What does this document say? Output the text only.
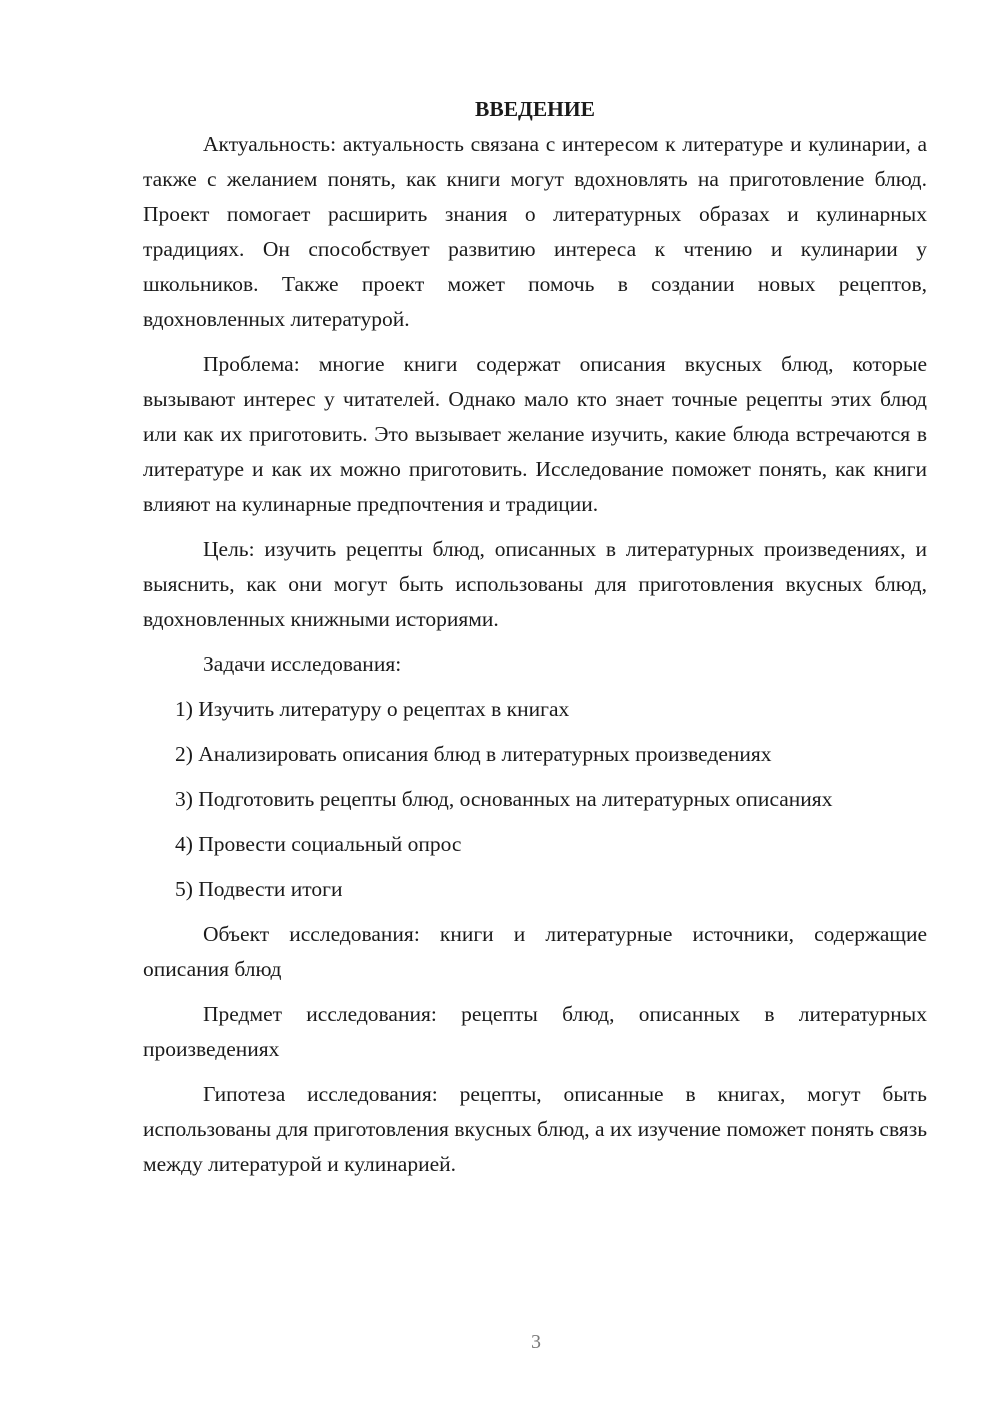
ВВЕДЕНИЕ

Актуальность: актуальность связана с интересом к литературе и кулинарии, а также с желанием понять, как книги могут вдохновлять на приготовление блюд. Проект помогает расширить знания о литературных образах и кулинарных традициях. Он способствует развитию интереса к чтению и кулинарии у школьников. Также проект может помочь в создании новых рецептов, вдохновленных литературой.

Проблема: многие книги содержат описания вкусных блюд, которые вызывают интерес у читателей. Однако мало кто знает точные рецепты этих блюд или как их приготовить. Это вызывает желание изучить, какие блюда встречаются в литературе и как их можно приготовить. Исследование поможет понять, как книги влияют на кулинарные предпочтения и традиции.

Цель: изучить рецепты блюд, описанных в литературных произведениях, и выяснить, как они могут быть использованы для приготовления вкусных блюд, вдохновленных книжными историями.

Задачи исследования:

1) Изучить литературу о рецептах в книгах

2) Анализировать описания блюд в литературных произведениях

3) Подготовить рецепты блюд, основанных на литературных описаниях

4) Провести социальный опрос

5) Подвести итоги

Объект исследования: книги и литературные источники, содержащие описания блюд

Предмет исследования: рецепты блюд, описанных в литературных произведениях

Гипотеза исследования: рецепты, описанные в книгах, могут быть использованы для приготовления вкусных блюд, а их изучение поможет понять связь между литературой и кулинарией.

3
